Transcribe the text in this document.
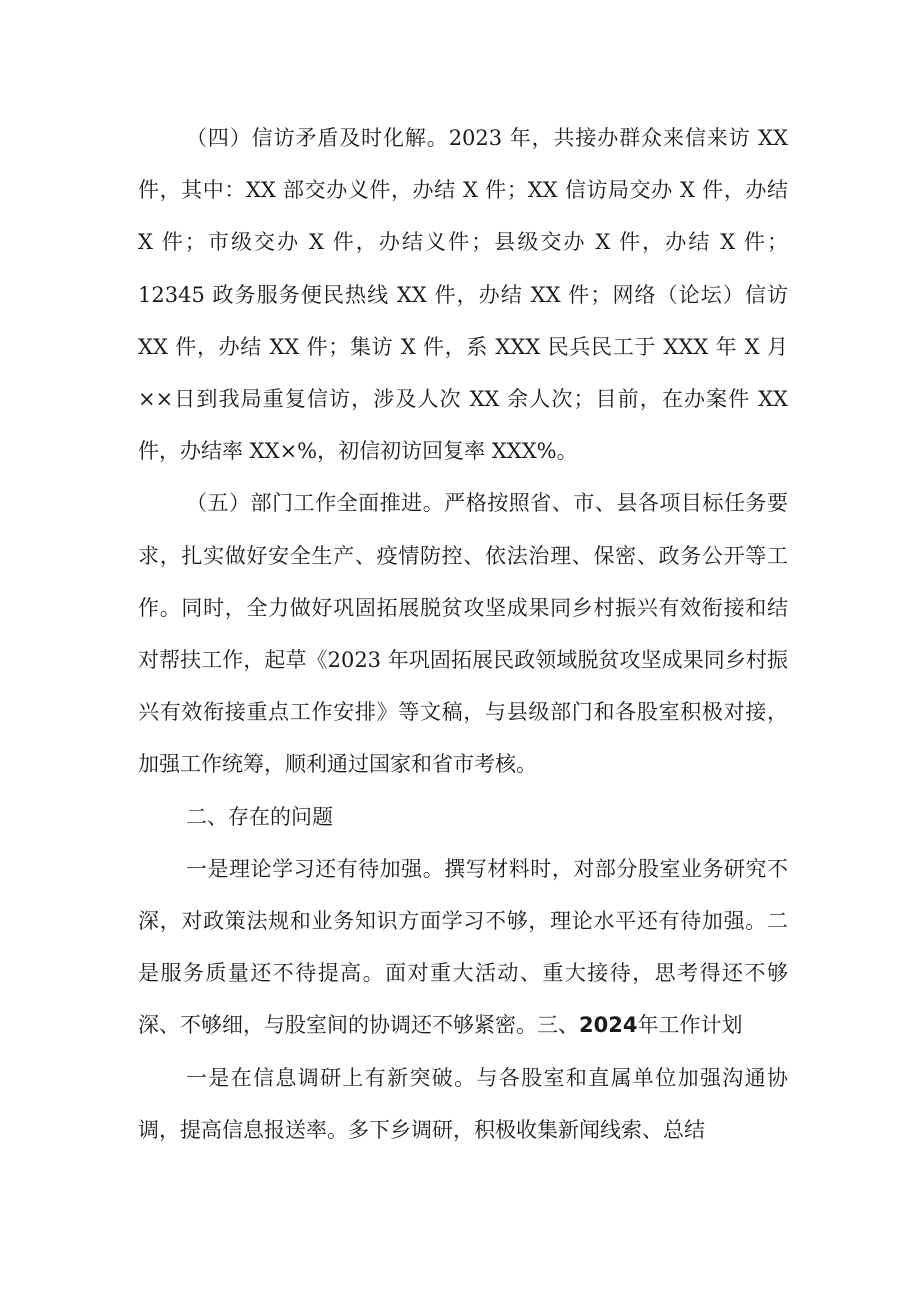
（四）信访矛盾及时化解。2023 年，共接办群众来信来访 XX 件，其中：XX 部交办义件，办结 X 件；XX 信访局交办 X 件，办结 X 件；市级交办 X 件，办结义件；县级交办 X 件，办结 X 件；12345 政务服务便民热线 XX 件，办结 XX 件；网络（论坛）信访 XX 件，办结 XX 件；集访 X 件，系 XXX 民兵民工于 XXX 年 X 月××日到我局重复信访，涉及人次 XX 余人次；目前，在办案件 XX 件，办结率 XX×%，初信初访回复率 XXX%。

（五）部门工作全面推进。严格按照省、市、县各项目标任务要求，扎实做好安全生产、疫情防控、依法治理、保密、政务公开等工作。同时，全力做好巩固拓展脱贫攻坚成果同乡村振兴有效衔接和结对帮扶工作，起草《2023 年巩固拓展民政领域脱贫攻坚成果同乡村振兴有效衔接重点工作安排》等文稿，与县级部门和各股室积极对接，加强工作统筹，顺利通过国家和省市考核。

二、存在的问题

一是理论学习还有待加强。撰写材料时，对部分股室业务研究不深，对政策法规和业务知识方面学习不够，理论水平还有待加强。二是服务质量还不待提高。面对重大活动、重大接待，思考得还不够深、不够细，与股室间的协调还不够紧密。三、2024年工作计划

一是在信息调研上有新突破。与各股室和直属单位加强沟通协调，提高信息报送率。多下乡调研，积极收集新闻线索、总结
